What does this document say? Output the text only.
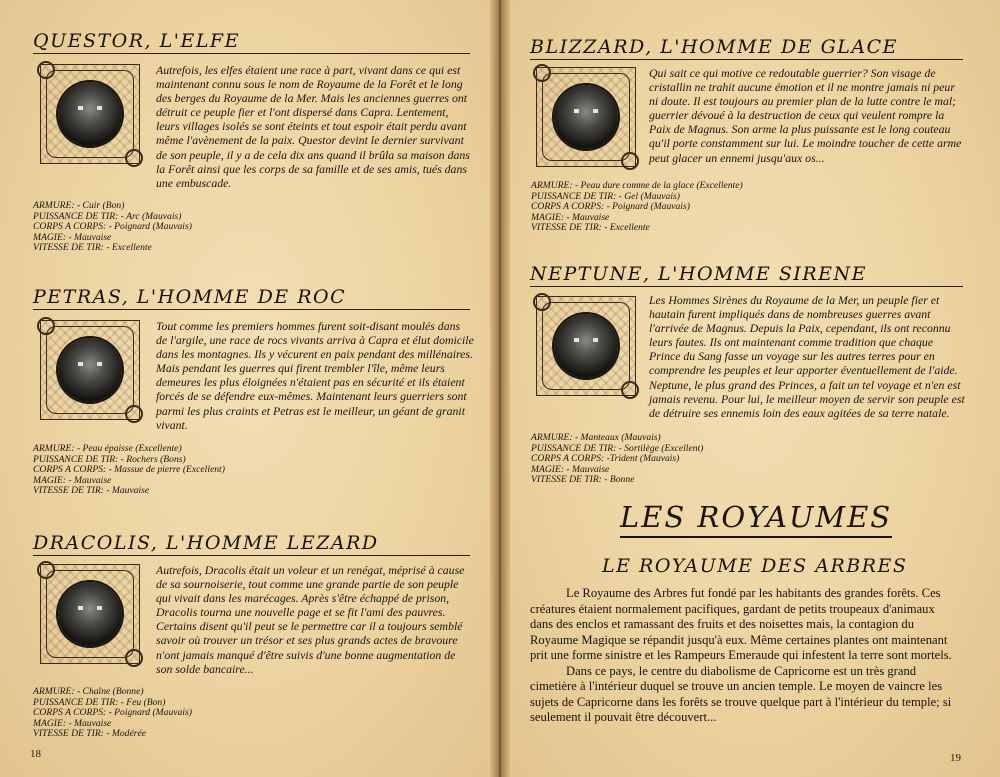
QUESTOR, L'ELFE
Autrefois, les elfes étaient une race à part, vivant dans ce qui est maintenant connu sous le nom de Royaume de la Forêt et le long des berges du Royaume de la Mer. Mais les anciennes guerres ont détruit ce peuple fier et l'ont dispersé dans Capra. Lentement, leurs villages isolés se sont éteints et tout espoir était perdu avant même l'avènement de la paix. Questor devint le dernier survivant de son peuple, il y a de cela dix ans quand il brûla sa maison dans la Forêt ainsi que les corps de sa famille et de ses amis, tués dans une embuscade.
ARMURE: - Cuir (Bon)
PUISSANCE DE TIR: - Arc (Mauvais)
CORPS A CORPS: - Poignard (Mauvais)
MAGIE: - Mauvaise
VITESSE DE TIR: - Excellente
PETRAS, L'HOMME DE ROC
Tout comme les premiers hommes furent soit-disant moulés dans de l'argile, une race de rocs vivants arriva à Capra et élut domicile dans les montagnes. Ils y vécurent en paix pendant des millénaires. Mais pendant les guerres qui firent trembler l'île, même leurs demeures les plus éloignées n'étaient pas en sécurité et ils étaient forcés de se défendre eux-mêmes. Maintenant leurs guerriers sont parmi les plus craints et Petras est le meilleur, un géant de granit vivant.
ARMURE: - Peau épaisse (Excellente)
PUISSANCE DE TIR: - Rochers (Bons)
CORPS A CORPS: - Massue de pierre (Excellent)
MAGIE: - Mauvaise
VITESSE DE TIR: - Mauvaise
DRACOLIS, L'HOMME LEZARD
Autrefois, Dracolis était un voleur et un renégat, méprisé à cause de sa sournoiserie, tout comme une grande partie de son peuple qui vivait dans les marécages. Après s'être échappé de prison, Dracolis tourna une nouvelle page et se fit l'ami des pauvres. Certains disent qu'il peut se le permettre car il a toujours semblé savoir où trouver un trésor et ses plus grands actes de bravoure n'ont jamais manqué d'être suivis d'une bonne augmentation de son solde bancaire...
ARMURE: - Chaîne (Bonne)
PUISSANCE DE TIR: - Feu (Bon)
CORPS A CORPS: - Poignard (Mauvais)
MAGIE: - Mauvaise
VITESSE DE TIR: - Modérée
18
BLIZZARD, L'HOMME DE GLACE
Qui sait ce qui motive ce redoutable guerrier? Son visage de cristallin ne trahit aucune émotion et il ne montre jamais ni peur ni doute. Il est toujours au premier plan de la lutte contre le mal; guerrier dévoué à la destruction de ceux qui veulent rompre la Paix de Magnus. Son arme la plus puissante est le long couteau qu'il porte constamment sur lui. Le moindre toucher de cette arme peut glacer un ennemi jusqu'aux os...
ARMURE: - Peau dure comme de la glace (Excellente)
PUISSANCE DE TIR: - Gel (Mauvais)
CORPS A CORPS: - Poignard (Mauvais)
MAGIE: - Mauvaise
VITESSE DE TIR: - Excellente
NEPTUNE, L'HOMME SIRENE
Les Hommes Sirènes du Royaume de la Mer, un peuple fier et hautain furent impliqués dans de nombreuses guerres avant l'arrivée de Magnus. Depuis la Paix, cependant, ils ont reconnu leurs fautes. Ils ont maintenant comme tradition que chaque Prince du Sang fasse un voyage sur les autres terres pour en comprendre les peuples et leur apporter éventuellement de l'aide. Neptune, le plus grand des Princes, a fait un tel voyage et n'en est jamais revenu. Pour lui, le meilleur moyen de servir son peuple est de détruire ses ennemis loin des eaux agitées de sa terre natale.
ARMURE: - Manteaux (Mauvais)
PUISSANCE DE TIR: - Sortilège (Excellent)
CORPS A CORPS: -Trident (Mauvais)
MAGIE: - Mauvaise
VITESSE DE TIR: - Bonne
LES ROYAUMES
LE ROYAUME DES ARBRES

Le Royaume des Arbres fut fondé par les habitants des grandes forêts. Ces créatures étaient normalement pacifiques, gardant de petits troupeaux d'animaux dans des enclos et ramassant des fruits et des noisettes mais, la contagion du Royaume Magique se répandit jusqu'à eux. Même certaines plantes ont maintenant prit une forme sinistre et les Rampeurs Emeraude qui infestent la terre sont mortels.

Dans ce pays, le centre du diabolisme de Capricorne est un très grand cimetière à l'intérieur duquel se trouve un ancien temple. Le moyen de vaincre les sujets de Capricorne dans les forêts se trouve quelque part à l'intérieur du temple; si seulement il pouvait être découvert...

19
